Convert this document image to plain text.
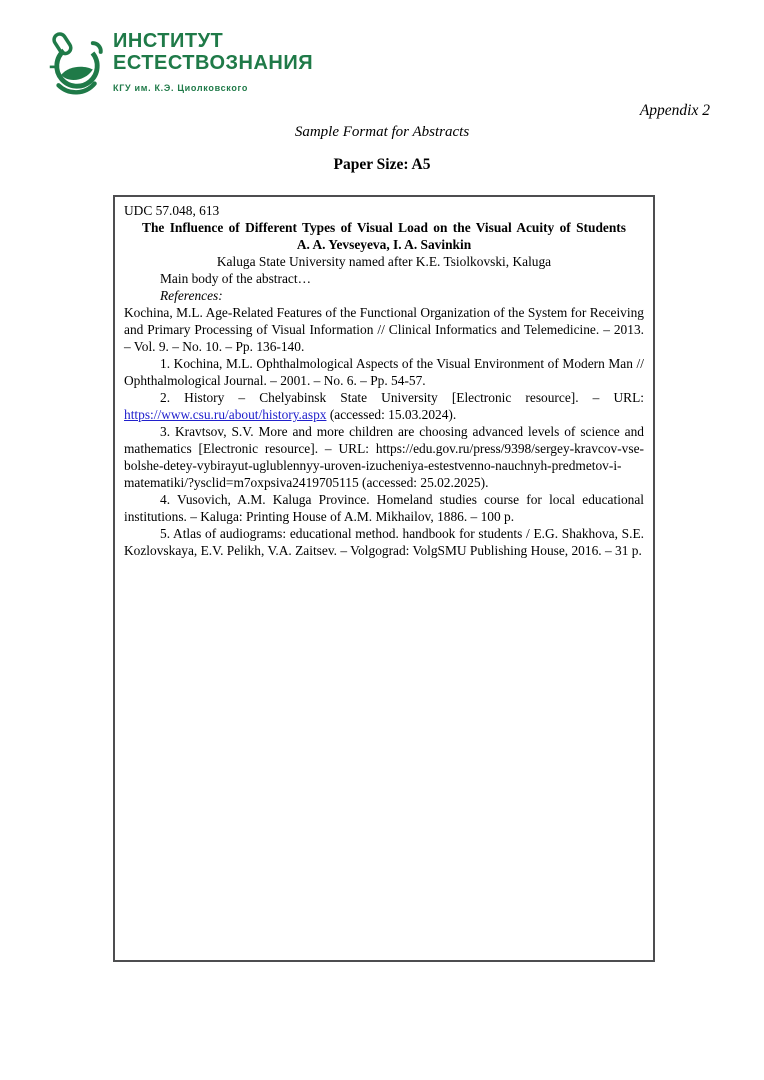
ИНСТИТУТ
ЕСТЕСТВОЗНАНИЯ
КГУ им. К.Э. Циолковского
Appendix 2
Sample Format for Abstracts
Paper Size: A5

UDC 57.048, 613

The Influence of Different Types of Visual Load on the Visual Acuity of Students

A. A. Yevseyeva, I. A. Savinkin

Kaluga State University named after K.E. Tsiolkovski, Kaluga

Main body of the abstract…

References:

Kochina, M.L. Age-Related Features of the Functional Organization of the System for Receiving and Primary Processing of Visual Information // Clinical Informatics and Telemedicine. – 2013. – Vol. 9. – No. 10. – Pp. 136-140.

1. Kochina, M.L. Ophthalmological Aspects of the Visual Environment of Modern Man // Ophthalmological Journal. – 2001. – No. 6. – Pp. 54-57.

2. History – Chelyabinsk State University [Electronic resource]. – URL: https://www.csu.ru/about/history.aspx (accessed: 15.03.2024).

3. Kravtsov, S.V. More and more children are choosing advanced levels of science and mathematics [Electronic resource]. – URL: https://edu.gov.ru/press/9398/sergey-kravcov-vse-bolshe-detey-vybirayut-uglublennyy-uroven-izucheniya-estestvenno-nauchnyh-predmetov-i-matematiki/?ysclid=m7oxpsiva2419705115 (accessed: 25.02.2025).

4. Vusovich, A.M. Kaluga Province. Homeland studies course for local educational institutions. – Kaluga: Printing House of A.M. Mikhailov, 1886. – 100 p.

5. Atlas of audiograms: educational method. handbook for students / E.G. Shakhova, S.E. Kozlovskaya, E.V. Pelikh, V.A. Zaitsev. – Volgograd: VolgSMU Publishing House, 2016. – 31 p.
